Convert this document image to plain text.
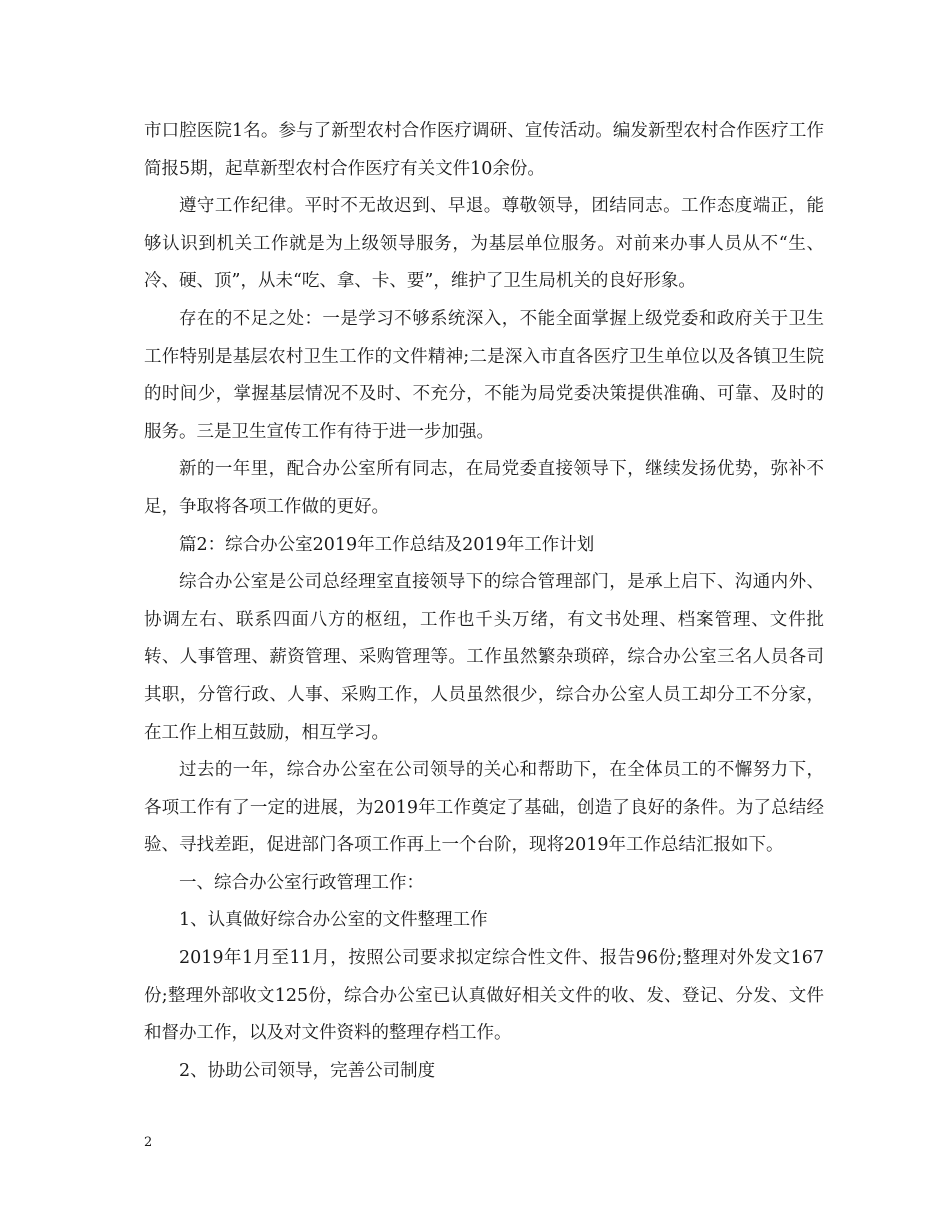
市口腔医院1名。参与了新型农村合作医疗调研、宣传活动。编发新型农村合作医疗工作简报5期，起草新型农村合作医疗有关文件10余份。

遵守工作纪律。平时不无故迟到、早退。尊敬领导，团结同志。工作态度端正，能够认识到机关工作就是为上级领导服务，为基层单位服务。对前来办事人员从不“生、冷、硬、顶”，从未“吃、拿、卡、要”，维护了卫生局机关的良好形象。

存在的不足之处：一是学习不够系统深入，不能全面掌握上级党委和政府关于卫生工作特别是基层农村卫生工作的文件精神;二是深入市直各医疗卫生单位以及各镇卫生院的时间少，掌握基层情况不及时、不充分，不能为局党委决策提供准确、可靠、及时的服务。三是卫生宣传工作有待于进一步加强。

新的一年里，配合办公室所有同志，在局党委直接领导下，继续发扬优势，弥补不足，争取将各项工作做的更好。

篇2：综合办公室2019年工作总结及2019年工作计划

综合办公室是公司总经理室直接领导下的综合管理部门，是承上启下、沟通内外、协调左右、联系四面八方的枢纽，工作也千头万绪，有文书处理、档案管理、文件批转、人事管理、薪资管理、采购管理等。工作虽然繁杂琐碎，综合办公室三名人员各司其职，分管行政、人事、采购工作，人员虽然很少，综合办公室人员工却分工不分家，在工作上相互鼓励，相互学习。

过去的一年，综合办公室在公司领导的关心和帮助下，在全体员工的不懈努力下，各项工作有了一定的进展，为2019年工作奠定了基础，创造了良好的条件。为了总结经验、寻找差距，促进部门各项工作再上一个台阶，现将2019年工作总结汇报如下。

一、综合办公室行政管理工作：

1、认真做好综合办公室的文件整理工作

2019年1月至11月，按照公司要求拟定综合性文件、报告96份;整理对外发文167份;整理外部收文125份，综合办公室已认真做好相关文件的收、发、登记、分发、文件和督办工作，以及对文件资料的整理存档工作。

2、协助公司领导，完善公司制度

2
